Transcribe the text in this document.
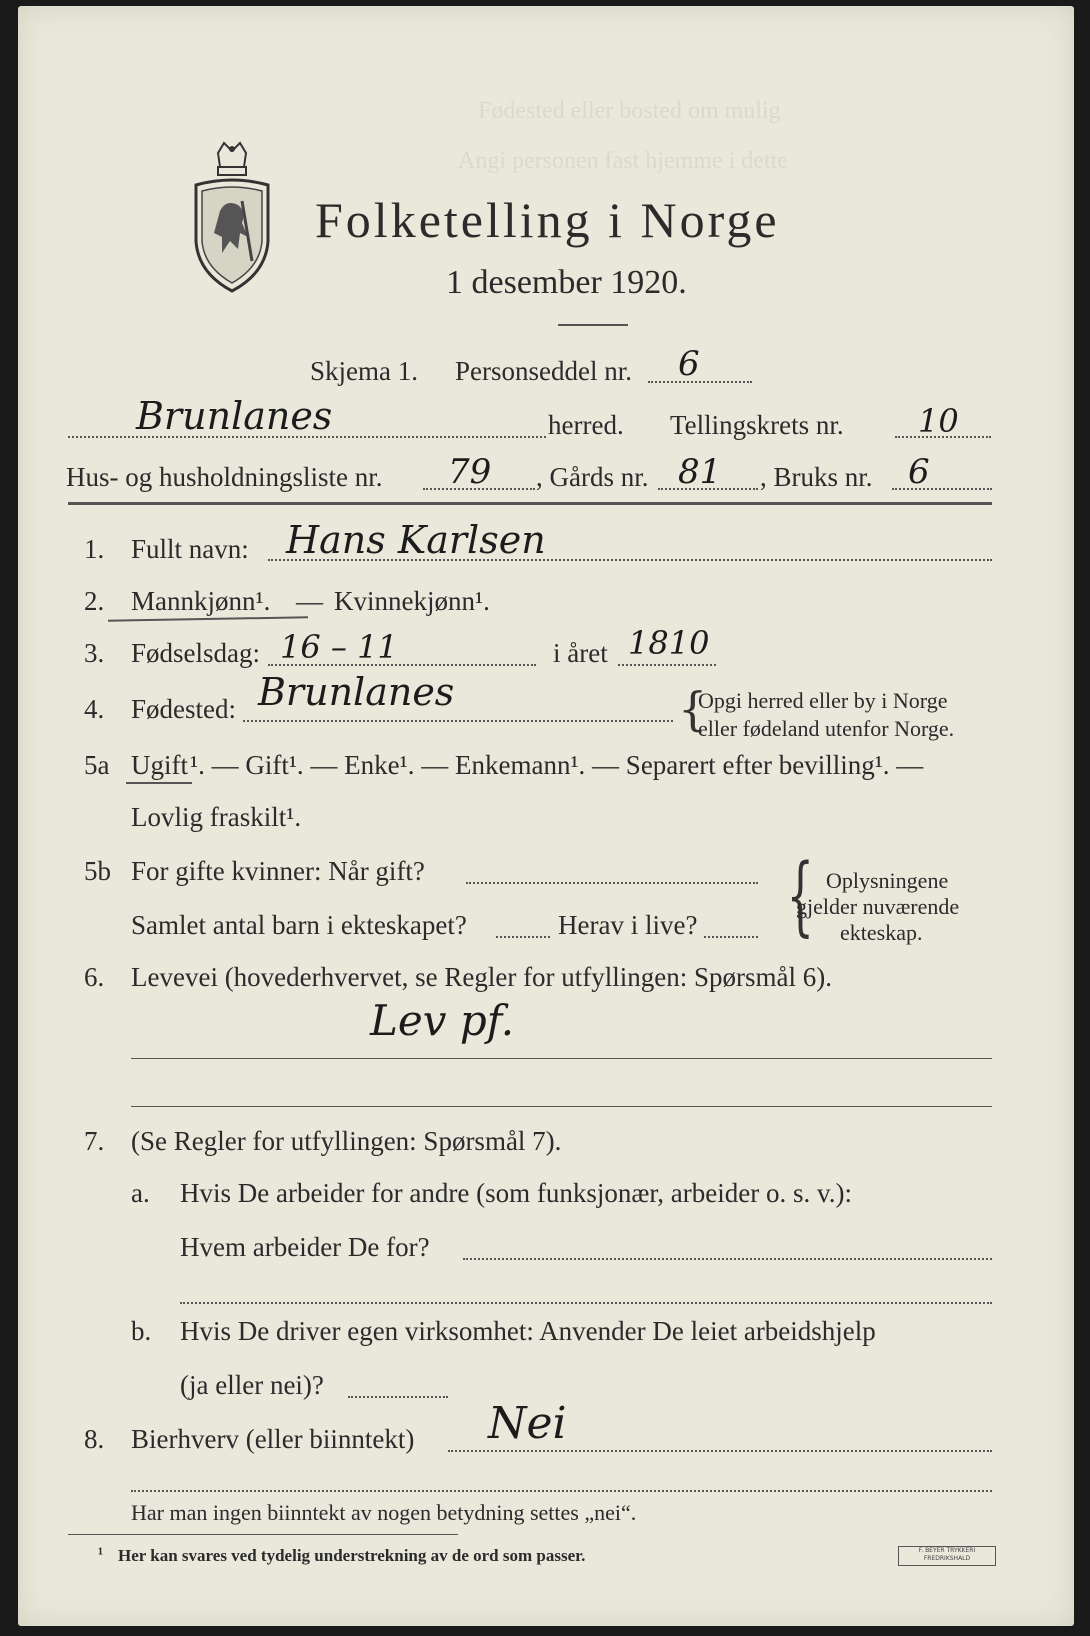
Fødested eller bosted om mulig
Angi personen fast hjemme i dette
Folketelling i Norge
1 desember 1920.
Skjema 1. Personseddel nr. 6
Brunlanes	herred. Tellingskrets nr. 10
Hus- og husholdningsliste nr. 79 , Gårds nr. 81 , Bruks nr. 6
1. Fullt navn: Hans Karlsen
2. Mannkjønn¹. — Kvinnekjønn¹.
3. Fødselsdag: 16 – 11	i året 1810
4. Fødested: Brunlanes	{
Opgi herred eller by i Norge
eller fødeland utenfor Norge.
5a Ugift ¹. — Gift¹. — Enke¹. — Enkemann¹. — Separert efter bevilling¹. —
Lovlig fraskilt¹.
5b For gifte kvinner: Når gift?
Samlet antal barn i ekteskapet?	Herav i live? { Oplysningene
gjelder nuværende
ekteskap.
6. Levevei (hovederhvervet, se Regler for utfyllingen: Spørsmål 6).
Lev pf.
7. (Se Regler for utfyllingen: Spørsmål 7).
a. Hvis De arbeider for andre (som funksjonær, arbeider o. s. v.):
Hvem arbeider De for?
b. Hvis De driver egen virksomhet: Anvender De leiet arbeidshjelp
(ja eller nei)?
8. Bierhverv (eller biinntekt) Nei
Har man ingen biinntekt av nogen betydning settes „nei“.
¹ Her kan svares ved tydelig understrekning av de ord som passer.	F. BEYER TRYKKERI FREDRIKSHALD
